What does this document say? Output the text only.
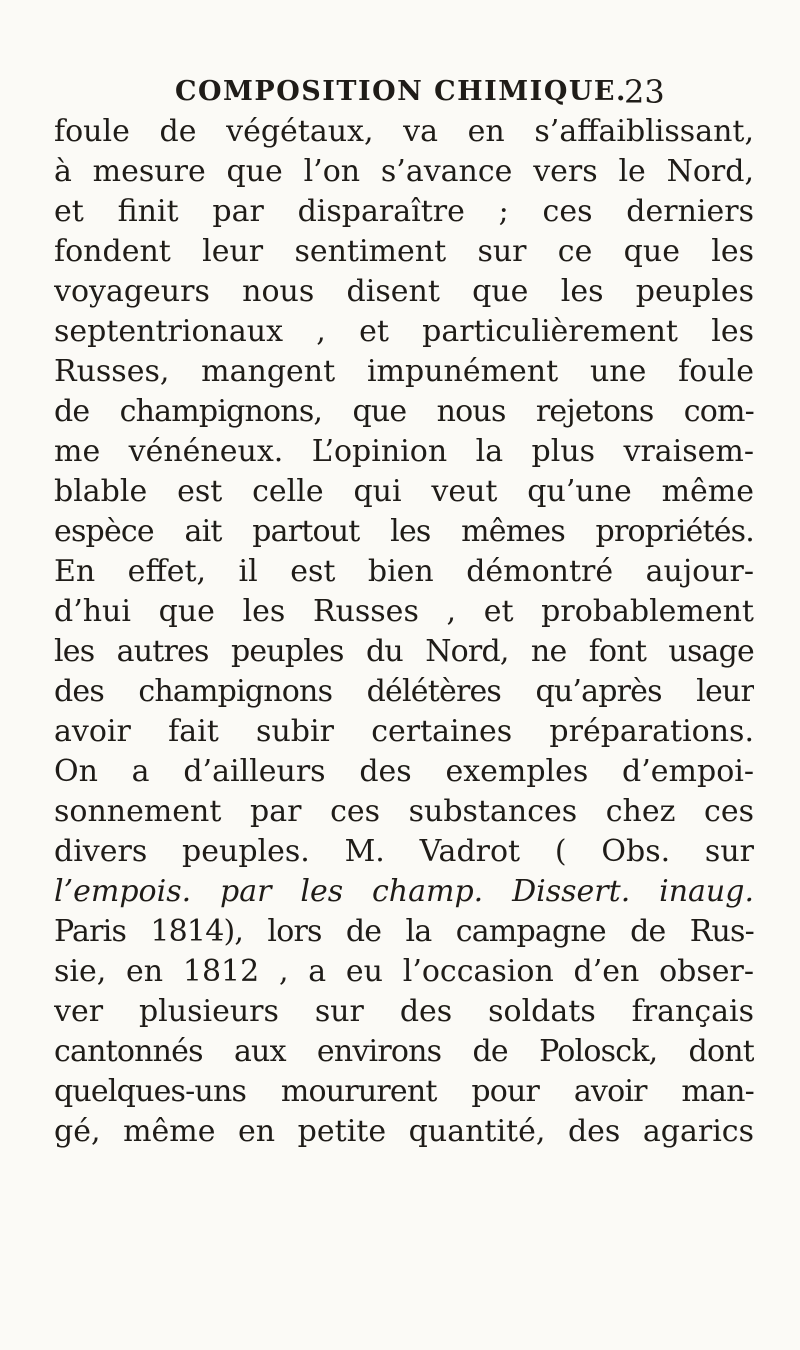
COMPOSITION CHIMIQUE.
23
foule de végétaux, va en s’affaiblissant,
à mesure que l’on s’avance vers le Nord,
et finit par disparaître ; ces derniers
fondent leur sentiment sur ce que les
voyageurs nous disent que les peuples
septentrionaux , et particulièrement les
Russes, mangent impunément une foule
de champignons, que nous rejetons com-
me vénéneux. L’opinion la plus vraisem-
blable est celle qui veut qu’une même
espèce ait partout les mêmes propriétés.
En effet, il est bien démontré aujour-
d’hui que les Russes , et probablement
les autres peuples du Nord, ne font usage
des champignons délétères qu’après leur
avoir fait subir certaines préparations.
On a d’ailleurs des exemples d’empoi-
sonnement par ces substances chez ces
divers peuples. M. Vadrot ( Obs. sur
l’empois. par les champ. Dissert. inaug.
Paris 1814), lors de la campagne de Rus-
sie, en 1812 , a eu l’occasion d’en obser-
ver plusieurs sur des soldats français
cantonnés aux environs de Polosck, dont
quelques-uns moururent pour avoir man-
gé, même en petite quantité, des agarics
